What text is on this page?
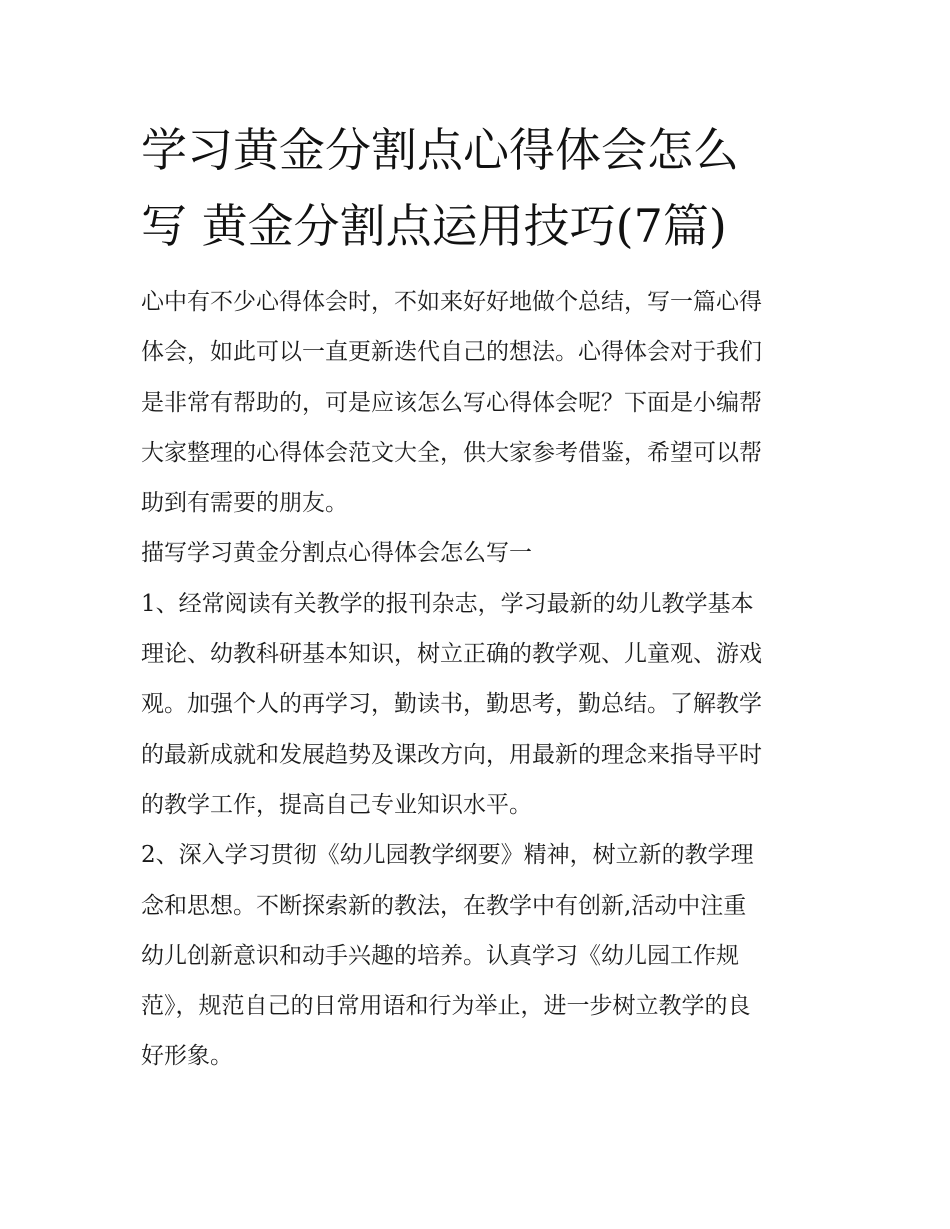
学习黄金分割点心得体会怎么
写 黄金分割点运用技巧(7篇)
心中有不少心得体会时，不如来好好地做个总结，写一篇心得
体会，如此可以一直更新迭代自己的想法。心得体会对于我们
是非常有帮助的，可是应该怎么写心得体会呢？下面是小编帮
大家整理的心得体会范文大全，供大家参考借鉴，希望可以帮
助到有需要的朋友。
描写学习黄金分割点心得体会怎么写一
1、经常阅读有关教学的报刊杂志，学习最新的幼儿教学基本
理论、幼教科研基本知识，树立正确的教学观、儿童观、游戏
观。加强个人的再学习，勤读书，勤思考，勤总结。了解教学
的最新成就和发展趋势及课改方向，用最新的理念来指导平时
的教学工作，提高自己专业知识水平。
2、深入学习贯彻《幼儿园教学纲要》精神，树立新的教学理
念和思想。不断探索新的教法，在教学中有创新,活动中注重
幼儿创新意识和动手兴趣的培养。认真学习《幼儿园工作规
范》，规范自己的日常用语和行为举止，进一步树立教学的良
好形象。
